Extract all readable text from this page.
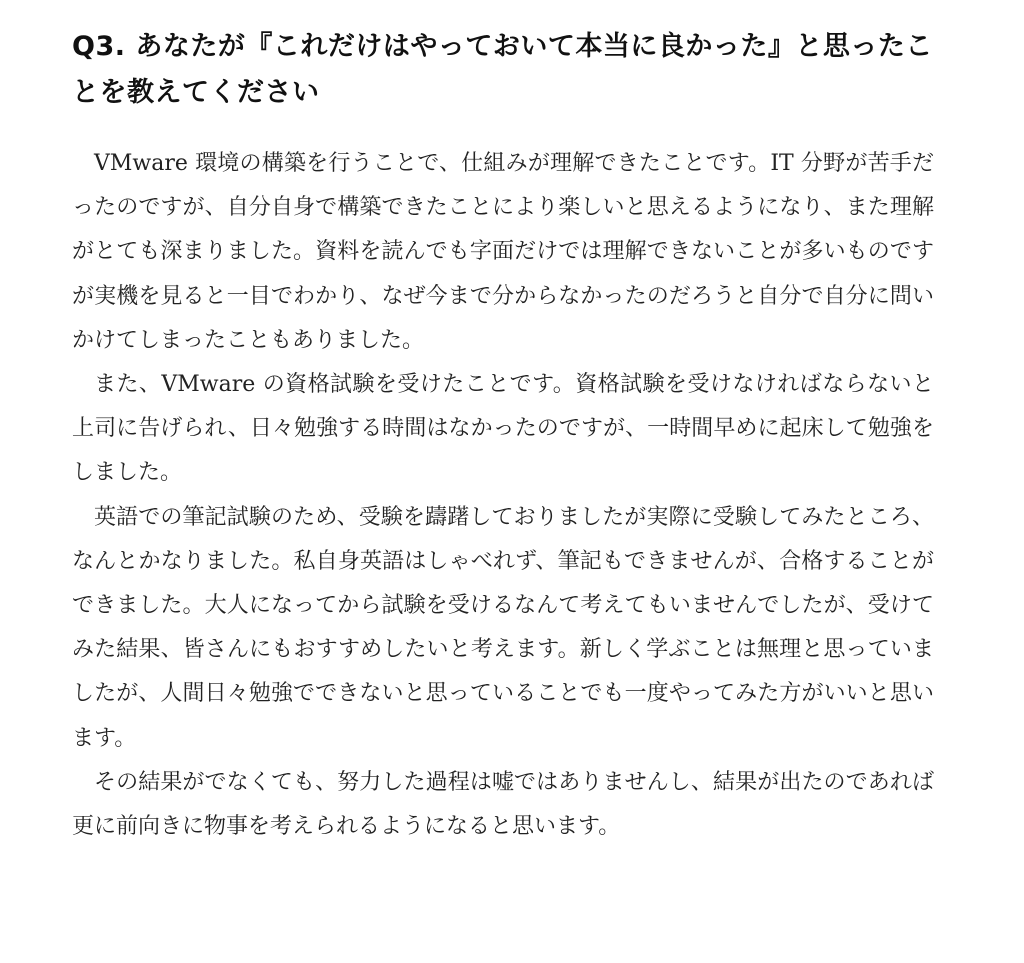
Q3. あなたが『これだけはやっておいて本当に良かった』と思ったことを教えてください

VMware 環境の構築を行うことで、仕組みが理解できたことです。IT 分野が苦手だったのですが、自分自身で構築できたことにより楽しいと思えるようになり、また理解がとても深まりました。資料を読んでも字面だけでは理解できないことが多いものですが実機を見ると一目でわかり、なぜ今まで分からなかったのだろうと自分で自分に問いかけてしまったこともありました。

また、VMware の資格試験を受けたことです。資格試験を受けなければならないと上司に告げられ、日々勉強する時間はなかったのですが、一時間早めに起床して勉強をしました。

英語での筆記試験のため、受験を躊躇しておりましたが実際に受験してみたところ、なんとかなりました。私自身英語はしゃべれず、筆記もできませんが、合格することができました。大人になってから試験を受けるなんて考えてもいませんでしたが、受けてみた結果、皆さんにもおすすめしたいと考えます。新しく学ぶことは無理と思っていましたが、人間日々勉強でできないと思っていることでも一度やってみた方がいいと思います。

その結果がでなくても、努力した過程は嘘ではありませんし、結果が出たのであれば更に前向きに物事を考えられるようになると思います。
